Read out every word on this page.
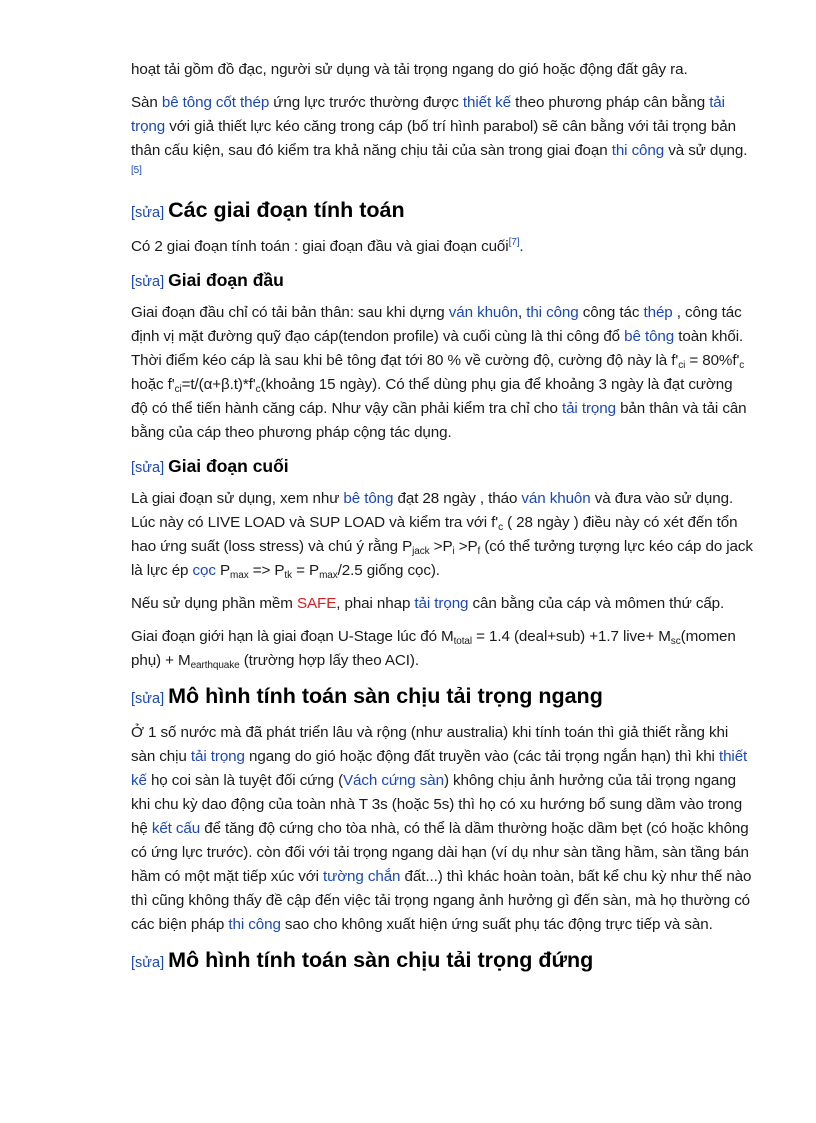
hoạt tải gồm đồ đạc, người sử dụng và tải trọng ngang do gió hoặc động đất gây ra.

Sàn bê tông cốt thép ứng lực trước thường được thiết kế theo phương pháp cân bằng tải trọng với giả thiết lực kéo căng trong cáp (bố trí hình parabol) sẽ cân bằng với tải trọng bản thân cấu kiện, sau đó kiểm tra khả năng chịu tải của sàn trong giai đoạn thi công và sử dụng. [5]

[sửa] Các giai đoạn tính toán

Có 2 giai đoạn tính toán : giai đoạn đầu và giai đoạn cuối[7].

[sửa] Giai đoạn đầu

Giai đoạn đầu chỉ có tải bản thân: sau khi dựng ván khuôn, thi công công tác thép , công tác định vị mặt đường quỹ đạo cáp(tendon profile) và cuối cùng là thi công đổ bê tông toàn khối. Thời điểm kéo cáp là sau khi bê tông đạt tới 80 % về cường độ, cường độ này là $f'_{ci} = 80\%f'_c$ hoặc $f'_{ci}=t/(\alpha+\beta.t)*f'_c(khoảng$ 15 ngày). Có thể dùng phụ gia để khoảng 3 ngày là đạt cường độ có thể tiến hành căng cáp. Như vậy cần phải kiểm tra chỉ cho tải trọng bản thân và tải cân bằng của cáp theo phương pháp cộng tác dụng.

[sửa] Giai đoạn cuối

Là giai đoạn sử dụng, xem như bê tông đạt 28 ngày , tháo ván khuôn và đưa vào sử dụng. Lúc này có LIVE LOAD và SUP LOAD và kiểm tra với $f'_c$ ( 28 ngày ) điều này có xét đến tổn hao ứng suất (loss stress) và chú ý rằng $P_{jack} >P_i >P_f$ (có thể tưởng tượng lực kéo cáp do jack là lực ép cọc $P_{max} => P_{tk} = P_{max}/2.5$ giống cọc).

Nếu sử dụng phần mềm SAFE, phai nhap tải trọng cân bằng của cáp và mômen thứ cấp.

Giai đoạn giới hạn là giai đoạn U-Stage lúc đó $M_{total} = 1.4$ (deal+sub) +1.7 live+ $M_{sc}(momen$ phụ) + $M_{earthquake}$ (trường hợp lấy theo ACI).

[sửa] Mô hình tính toán sàn chịu tải trọng ngang

Ở 1 số nước mà đã phát triển lâu và rộng (như australia) khi tính toán thì giả thiết rằng khi sàn chịu tải trọng ngang do gió hoặc động đất truyền vào (các tải trọng ngắn hạn) thì khi thiết kế họ coi sàn là tuyệt đối cứng (Vách cứng sàn) không chịu ảnh hưởng của tải trọng ngang khi chu kỳ dao động của toàn nhà T 3s (hoặc 5s) thì họ có xu hướng bổ sung dầm vào trong hệ kết cấu để tăng độ cứng cho tòa nhà, có thể là dầm thường hoặc dầm bẹt (có hoặc không có ứng lực trước). còn đối với tải trọng ngang dài hạn (ví dụ như sàn tầng hầm, sàn tầng bán hầm có một mặt tiếp xúc với tường chắn đất...) thì khác hoàn toàn, bất kể chu kỳ như thế nào thì cũng không thấy đề cập đến việc tải trọng ngang ảnh hưởng gì đến sàn, mà họ thường có các biện pháp thi công sao cho không xuất hiện ứng suất phụ tác động trực tiếp và sàn.

[sửa] Mô hình tính toán sàn chịu tải trọng đứng
